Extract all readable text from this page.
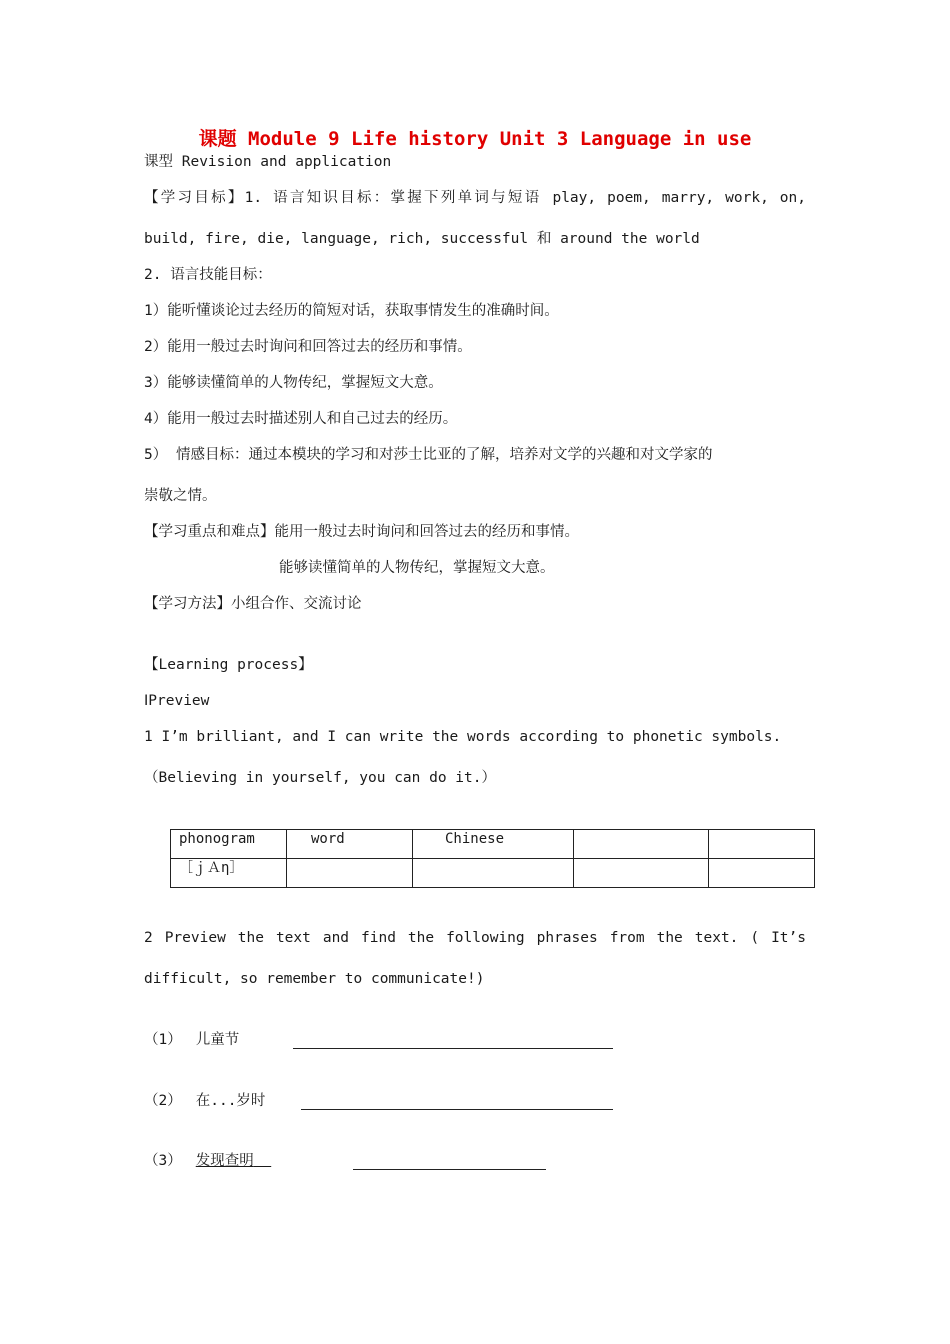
课题 Module 9 Life history Unit 3 Language in use
课型 Revision and application
【学习目标】1. 语言知识目标：掌握下列单词与短语 play, poem, marry, work, on,
build, fire, die, language, rich, successful 和 around the world
2. 语言技能目标：
1）能听懂谈论过去经历的简短对话，获取事情发生的准确时间。
2）能用一般过去时询问和回答过去的经历和事情。
3）能够读懂简单的人物传纪，掌握短文大意。
4）能用一般过去时描述别人和自己过去的经历。
5） 情感目标：通过本模块的学习和对莎士比亚的了解，培养对文学的兴趣和对文学家的
崇敬之情。
【学习重点和难点】能用一般过去时询问和回答过去的经历和事情。
能够读懂简单的人物传纪，掌握短文大意。
【学习方法】小组合作、交流讨论
【Learning process】
ⅠPreview
1 I’m brilliant, and I can write the words according to phonetic symbols.
（Believing in yourself, you can do it.）
phonogram	word	Chinese		
［ｊＡη］				
2 Preview the text and find the following phrases from the text. ( It’s
difficult, so remember to communicate!)
（1） 儿童节
（2） 在...岁时
（3） 发现查明
